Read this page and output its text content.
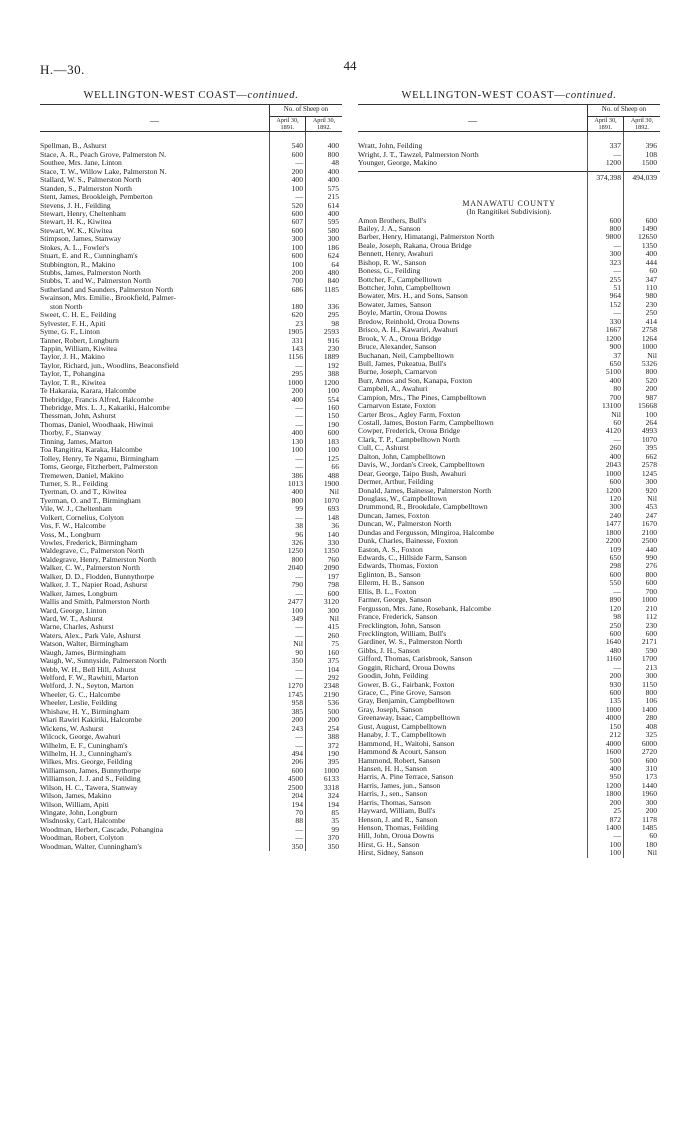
H.—30.	44
WELLINGTON-WEST COAST—continued.
—
No. of Sheep on
April 30, 1891.
April 30, 1892.
Spellman, B., Ashurst	540	400
Stace, A. R., Peach Grove, Palmerston N.	600	800
Southee, Mrs. Jane, Linton	—	48
Stace, T. W., Willow Lake, Palmerston N.	200	400
Stallard, W. S., Palmerston North	400	400
Standen, S., Palmerston North	100	575
Stent, James, Brookleigh, Pemberton	—	215
Stevens, J. H., Feilding	520	614
Stewart, Henry, Cheltenham	600	400
Stewart, H. K., Kiwitea	607	595
Stewart, W. K., Kiwitea	600	580
Stimpson, James, Stanway	300	300
Stokes, A. L., Fowler's	100	186
Stuart, E. and R., Cunningham's	600	624
Stubbington, R., Makino	100	64
Stubbs, James, Palmerston North	200	480
Stubbs, T. and W., Palmerston North	700	840
Sutherland and Saunders, Palmerston North	686	1185
Swainson, Mrs. Emilie., Brookfield, Palmer-
ston North	180	336
Sweet, C. H. E., Feilding	620	295
Sylvester, F. H., Apiti	23	98
Syme, G. F., Linton	1905	2593
Tanner, Robert, Longburn	331	916
Tappin, William, Kiwitea	143	230
Taylor, J. H., Makino	1156	1889
Taylor, Richard, jun., Woodlins, Beaconsfield	—	192
Taylor, T., Pohangina	295	388
Taylor, T. R., Kiwitea	1000	1200
Te Hakaraia, Karara, Halcombe	200	100
Thebridge, Francis Alfred, Halcombe	400	554
Thebridge, Mrs. L. J., Kakariki, Halcombe	—	160
Thessman, John, Ashurst	—	150
Thomas, Daniel, Woodhaak, Hiwinui	—	190
Thorby, F., Stanway	400	600
Tinning, James, Marton	130	183
Toa Rangitira, Karaka, Halcombe	100	100
Tolley, Henry, Te Ngamu, Birmingham	—	125
Toms, George, Fitzherbert, Palmerston	—	66
Tremewen, Daniel, Makino	386	488
Turner, S. R., Feilding	1013	1900
Tyerman, O. and T., Kiwitea	400	Nil
Tyerman, O. and T., Birmingham	800	1070
Vile, W. J., Cheltenham	99	693
Volkert, Cornelius, Colyton	—	148
Vos, F. W., Halcombe	38	36
Voss, M., Longburn	96	140
Vowles, Frederick, Birmingham	326	330
Waldegrave, C., Palmerston North	1250	1350
Waldegrave, Henry, Palmerston North	800	760
Walker, C. W., Palmerston North	2040	2090
Walker, D. D., Flodden, Bunnythorpe	—	197
Walker, J. T., Napier Road, Ashurst	790	798
Walker, James, Longburn	—	600
Wallis and Smith, Palmerston North	2477	3120
Ward, George, Linton	100	300
Ward, W. T., Ashurst	349	Nil
Warne, Charles, Ashurst	—	415
Waters, Alex., Park Vale, Ashurst	—	260
Watson, Walter, Birmingham	Nil	75
Waugh, James, Birmingham	90	160
Waugh, W., Sunnyside, Palmerston North	350	375
Webb, W. H., Bell Hill, Ashurst	—	104
Welford, F. W., Rawhiti, Marton	—	292
Welford, J. N., Seyton, Marton	1270	2348
Wheeler, G. C., Halcombe	1745	2190
Wheeler, Leslie, Feilding	958	536
Whishaw, H. Y., Birmingham	385	500
Wiari Rawiri Kakiriki, Halcombe	200	200
Wickens, W. Ashurst	243	254
Wilcock, George, Awahuri	—	388
Wilhelm, E. F., Cuningham's	—	372
Wilhelm, H. J., Cunningham's	494	190
Wilkes, Mrs. George, Feilding	206	395
Williamson, James, Bunnythorpe	600	1000
Williamson, J. J. and S., Feilding	4500	6133
Wilson, H. C., Tawera, Stanway	2500	3318
Wilson, James, Makino	204	324
Wilson, William, Apiti	194	194
Wingate, John, Longburn	70	85
Wisdnosky, Carl, Halcombe	88	35
Woodman, Herbert, Cascade, Pohangina	—	99
Woodman, Robert, Colyton	—	370
Woodman, Walter, Cunningham's	350	350
WELLINGTON-WEST COAST—continued.
—
No. of Sheep on
April 30, 1891.
April 30, 1892.
Wratt, John, Feilding	337	396
Wright, J. T., Tawzel, Palmerston North	—	108
Younger, George, Makino	1200	1500
374,398	494,039
MANAWATU COUNTY
(In Rangitikei Subdivision).
Amon Brothers, Bull's	600	600
Bailey, J. A., Sanson	800	1490
Barber, Henry, Himatangi, Palmerston North	9800	12650
Beale, Joseph, Rakana, Oroua Bridge	—	1350
Bennett, Henry, Awahuri	300	400
Bishop, R. W., Sanson	323	444
Boness, G., Feilding	—	60
Bottcher, F., Campbelltown	255	347
Bottcher, John, Campbelltown	51	110
Bowater, Mrs. H., and Sons, Sanson	964	980
Bowater, James, Sanson	152	230
Boyle, Martin, Oroua Downs	—	250
Bredow, Reinhold, Oroua Downs	330	414
Brisco, A. H., Kawariri, Awahuri	1667	2758
Brook, V. A., Oroua Bridge	1200	1264
Bruce, Alexander, Sanson	900	1000
Buchanan, Neil, Campbelltown	37	Nil
Bull, James, Pukeatua, Bull's	650	5326
Burne, Joseph, Carnarvon	5100	800
Burr, Amos and Son, Kanapa, Foxton	400	520
Campbell, A., Awahuri	80	200
Campion, Mrs., The Pines, Campbelltown	700	987
Carnarvon Estate, Foxton	13100	15668
Carter Bros., Agley Farm, Foxton	Nil	100
Costall, James, Boston Farm, Campbelltown	60	264
Cowper, Frederick, Oroua Bridge	4120	4993
Clark, T. P., Campbelltown North	—	1070
Cull, C., Ashurst	260	395
Dalton, John, Campbelltown	400	662
Davis, W., Jordan's Creek, Campbelltown	2043	2578
Dear, George, Taipo Bush, Awahuri	1000	1245
Dermer, Arthur, Feilding	600	300
Donald, James, Bainesse, Palmerston North	1200	920
Douglass, W., Campbelltown	120	Nil
Drummond, R., Brookdale, Campbelltown	300	453
Duncan, James, Foxton	240	247
Duncan, W., Palmerston North	1477	1670
Dundas and Fergusson, Mingiroa, Halcombe	1800	2100
Dunk, Charles, Bainesse, Foxton	2200	2500
Easton, A. S., Foxton	109	440
Edwards, C., Hillside Farm, Sanson	650	990
Edwards, Thomas, Foxton	298	276
Eglinton, B., Sanson	600	800
Ellerm, H. B., Sanson	550	600
Ellis, B. L., Foxton	—	700
Farmer, George, Sanson	890	1000
Fergusson, Mrs. Jane, Rosebank, Halcombe	120	210
France, Frederick, Sanson	98	112
Frecklington, John, Sanson	250	230
Frecklington, William, Bull's	600	600
Gardiner, W. S., Palmerston North	1640	2171
Gibbs, J. H., Sanson	480	590
Gifford, Thomas, Carisbrook, Sanson	1160	1700
Goggin, Richard, Oroua Downs	—	213
Goodin, John, Feilding	200	300
Gower, B. G., Fairbank, Foxton	930	1150
Grace, C., Pine Grove, Sanson	600	800
Gray, Benjamin, Campbelltown	135	106
Gray, Joseph, Sanson	1000	1400
Greenaway, Isaac, Campbelltown	4000	280
Gust, August, Campbelltown	150	408
Hanaby, J. T., Campbelltown	212	325
Hammond, H., Waitohi, Sanson	4000	6000
Hammond & Acourt, Sanson	1600	2720
Hammond, Robert, Sanson	500	600
Hansen, H. H., Sanson	400	310
Harris, A. Pine Terrace, Sanson	950	173
Harris, James, jun., Sanson	1200	1440
Harris, J., sen., Sanson	1800	1960
Harris, Thomas, Sanson	200	300
Hayward, William, Bull's	25	200
Henson, J. and R., Sanson	872	1178
Henson, Thomas, Feilding	1400	1485
Hill, John, Oroua Downs	—	60
Hirst, G. H., Sanson	100	180
Hirst, Sidney, Sanson	100	Nil
